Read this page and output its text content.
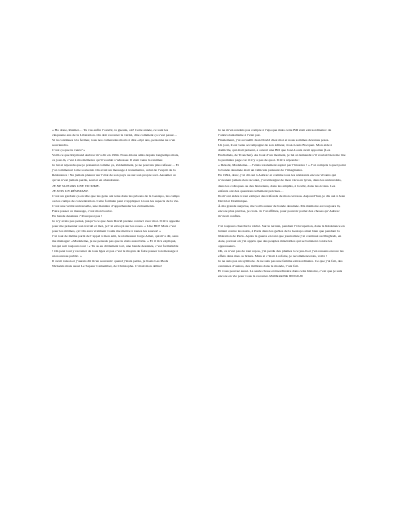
« Ho done, Raimer… Tu vas enfin l’ouvrir, ta gueule, où? Cette année, ce sont les cinquante ans de la Libération. On doit raconter la vérité, dire comment ça s’est passé… Si tu continues à la fermer, tous nos camarades morts à dire «ript ans, personne ne s’en souviendra.

C’est ça que tu veux? »

Voilà ce que Raymond Aubrac m’a dit en 1994. Nous étions amis depuis longtemps mais, ce jour-là, c’est à ma mémoire qu’il voulait s’adresser. Il était venu la ranimer.

Je lui ai répondu que je présentai comme ça, évidemment, je ne pouvais plus refuser… Et j’ai commencé à me souvenir. On avait un message à transmettre, celui de l’esprit de la Résistance : Ne jamais pleurer sur l’état de son pays ou sur son propre sort. Assumer ce qu’on n’est jamais perdu, seul et en abandonné.

JE NE SUIS PAS UNE VICTIME.

JE SUIS UN RÉSISTANT.

C’est un gardant ça en tête que les gens ont tenu dans les prisons de la Gestapo, les camps ou les camps de concentration. Cette formule peut s’appliquer à tous les aspects de la vie. C’est une vérité universelle, une manière d’appréhender les événements.

Faire passer ce message, c’est mon boulot.

En bande dessinée ? Pourquoi pas !

Je n’y avais pas pensé, jusqu’à ce que Jean David prenne contact avec moi. Il m’a appelée pour me présenter son travail et moi, je l’ai envoyé sur les roses. « Une BD? Mais c’est pour les mômes, ça! On aura vraiment voulu me mettre à toutes les sauces! »

J’ai tout de même parlé de l’appel à mon ami, le réalisateur Jorge Amat, qui m’a dit, sans me ménager: «Madeleine, je ne pensais pas que tu étais aussi bête. » Et il m’a expliqué, lui qui sait toujours tout : « Tu as eu drôlement tort, une bande dessinée, c’est formidable ! On peut tout y raconter de tous âges et pas c’est le moyen de faire passer ton message à un nouveau public. »

Il avait raison et j’aurais dû m’en souvenir: quand j’étais petite, je lisais Les Pieds Nickelés mais aussi Le Sapeur Camember, de Christophe. C’était mon délire!

Je ne m’en rendais pas compte à l’époque mais cette BD était extraordinaire: de l’anticolonialisme à l’état pur.

Finalement, j’ai accueilli Jean David chez moi et nous sommes devenus potes.

Un jour, il est venu accompagné de son éditeur, José-Louis Bocquet. Mon aide à domicile, qui était présent, a ouvert une BD que José-Louis avait apportée (Les Enchaînés, de Tronchet). Au bout d’un moment, je lui ai demandé s’il voulait bien me lire la première page car il n’y a pas de quoi. Il m’a répondu :

« Désolé, Madeleine… J’étais totalement aspiré par l’histoire ! » J’ai compris à quel point la bande dessinée était un véhicule puissant de l’imaginaire.

En 1994, donc, j’ai dit oui à Aubrac et comme tous les résistants encore vivants qui n’avaient jamais rien raconté, j’ai témoigné de mon vécu en lycée, dans les universités, dans les colloques ou des historiens, dans les amphis, à la télé, dans les écoles. Les enfants ont des questions tellement précises…

Ils m’ont aidée à tout extirper des tréfonds de mon cerveau. Aujourd’hui, je dis oui à Jean David et Dominique.

À ma grande surprise, me voilà auteur de bande dessinée. Ma mémoire est toujours là, encore plus précise, je crois. Je l’ai affûtée, pour pouvoir parler des choses qu’Aubrac m’avait confiés.

J’ai toujours cherché la vérité. Sur le terrain, pendant l’Occupation, dans la Résistance en luttant contre les nazis, à Paris dans les geôles de la Gestapo ainsi bien que pendant la libération de Paris. Après la guerre en tant que journaliste j’ai continué au Maghreb, en Asie, partout où j’ai appris que des peuples misérables qui se battaient contre les oppresseurs.

Oh, ce n’est pas de tout repos, j’ai perdu des plumes à ce jeu-là et j’en ressens encore les effets dans mes os brisés. Mais si c’était à refaire, je recommencerais, voilà !

Je ne suis pas un symbole. Je ne suis pas une femme extraordinaire. Ce que j’ai fait, des centaines d’autres, des millions dans le monde, l’ont fait.

Et vous pouvez aussi. La seule chose extraordinaire dans cette histoire, c’est que je suis encore en vie pour vous la raconter. MADELEINE RIFFAUD
